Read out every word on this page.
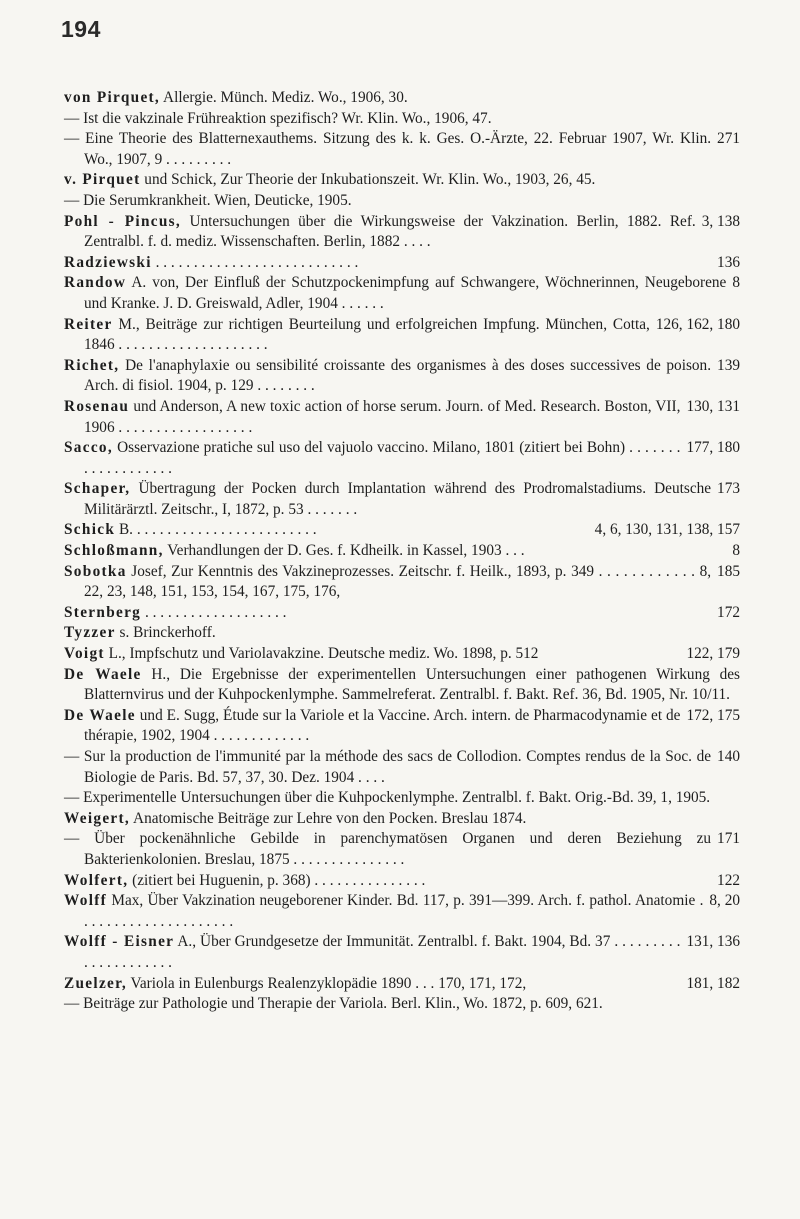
194
von Pirquet, Allergie. Münch. Mediz. Wo., 1906, 30.
— Ist die vakzinale Frühreaktion spezifisch? Wr. Klin. Wo., 1906, 47.
271
— Eine Theorie des Blatternexauthems. Sitzung des k. k. Ges. O.-Ärzte, 22. Februar 1907, Wr. Klin. Wo., 1907, 9 . . . . . . . . .
v. Pirquet und Schick, Zur Theorie der Inkubationszeit. Wr. Klin. Wo., 1903, 26, 45.
— Die Serumkrankheit. Wien, Deuticke, 1905.
3, 138
Pohl - Pincus, Untersuchungen über die Wirkungsweise der Vakzination. Berlin, 1882. Ref. Zentralbl. f. d. mediz. Wissenschaften. Berlin, 1882 . . . .
136
Radziewski . . . . . . . . . . . . . . . . . . . . . . . . . . .
8
Randow A. von, Der Einfluß der Schutzpockenimpfung auf Schwangere, Wöchnerinnen, Neugeborene und Kranke. J. D. Greiswald, Adler, 1904 . . . . . .
126, 162, 180
Reiter M., Beiträge zur richtigen Beurteilung und erfolgreichen Impfung. München, Cotta, 1846 . . . . . . . . . . . . . . . . . . . .
139
Richet, De l'anaphylaxie ou sensibilité croissante des organismes à des doses successives de poison. Arch. di fisiol. 1904, p. 129 . . . . . . . .
130, 131
Rosenau und Anderson, A new toxic action of horse serum. Journ. of Med. Research. Boston, VII, 1906 . . . . . . . . . . . . . . . . . .
177, 180
Sacco, Osservazione pratiche sul uso del vajuolo vaccino. Milano, 1801 (zitiert bei Bohn) . . . . . . . . . . . . . . . . . . .
173
Schaper, Übertragung der Pocken durch Implantation während des Prodromalstadiums. Deutsche Militärärztl. Zeitschr., I, 1872, p. 53 . . . . . . .
4, 6, 130, 131, 138, 157
Schick B. . . . . . . . . . . . . . . . . . . . . . . . .
8
Schloßmann, Verhandlungen der D. Ges. f. Kdheilk. in Kassel, 1903 . . .
185
Sobotka Josef, Zur Kenntnis des Vakzineprozesses. Zeitschr. f. Heilk., 1893, p. 349 . . . . . . . . . . . . 8, 22, 23, 148, 151, 153, 154, 167, 175, 176,
172
Sternberg . . . . . . . . . . . . . . . . . . .
Tyzzer s. Brinckerhoff.
122, 179
Voigt L., Impfschutz und Variolavakzine. Deutsche mediz. Wo. 1898, p. 512
De Waele H., Die Ergebnisse der experimentellen Untersuchungen einer pathogenen Wirkung des Blatternvirus und der Kuhpockenlymphe. Sammelreferat. Zentralbl. f. Bakt. Ref. 36, Bd. 1905, Nr. 10/11.
172, 175
De Waele und E. Sugg, Étude sur la Variole et la Vaccine. Arch. intern. de Pharmacodynamie et de thérapie, 1902, 1904 . . . . . . . . . . . . .
140
— Sur la production de l'immunité par la méthode des sacs de Collodion. Comptes rendus de la Soc. de Biologie de Paris. Bd. 57, 37, 30. Dez. 1904 . . . .
— Experimentelle Untersuchungen über die Kuhpockenlymphe. Zentralbl. f. Bakt. Orig.-Bd. 39, 1, 1905.
Weigert, Anatomische Beiträge zur Lehre von den Pocken. Breslau 1874.
171
— Über pockenähnliche Gebilde in parenchymatösen Organen und deren Beziehung zu Bakterienkolonien. Breslau, 1875 . . . . . . . . . . . . . . .
122
Wolfert, (zitiert bei Huguenin, p. 368) . . . . . . . . . . . . . . .
8, 20
Wolff Max, Über Vakzination neugeborener Kinder. Bd. 117, p. 391—399. Arch. f. pathol. Anatomie . . . . . . . . . . . . . . . . . . . . .
131, 136
Wolff - Eisner A., Über Grundgesetze der Immunität. Zentralbl. f. Bakt. 1904, Bd. 37 . . . . . . . . . . . . . . . . . . . . .
181, 182
Zuelzer, Variola in Eulenburgs Realenzyklopädie 1890 . . . 170, 171, 172,
— Beiträge zur Pathologie und Therapie der Variola. Berl. Klin., Wo. 1872, p. 609, 621.
